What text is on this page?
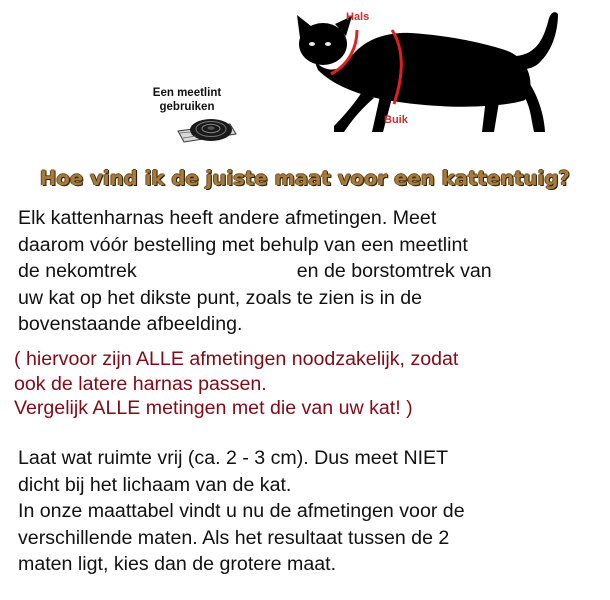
Hals
Buik
Een meetlint
gebruiken
Hoe vind ik de juiste maat voor een kattentuig?

Elk kattenharnas heeft andere afmetingen. Meet
daarom vóór bestelling met behulp van een meetlint
de nekomtrek	en de borstomtrek van
uw kat op het dikste punt, zoals te zien is in de
bovenstaande afbeelding.

( hiervoor zijn ALLE afmetingen noodzakelijk, zodat
ook de latere harnas passen.
Vergelijk ALLE metingen met die van uw kat! )

Laat wat ruimte vrij (ca. 2 - 3 cm). Dus meet NIET
dicht bij het lichaam van de kat.
In onze maattabel vindt u nu de afmetingen voor de
verschillende maten. Als het resultaat tussen de 2
maten ligt, kies dan de grotere maat.
